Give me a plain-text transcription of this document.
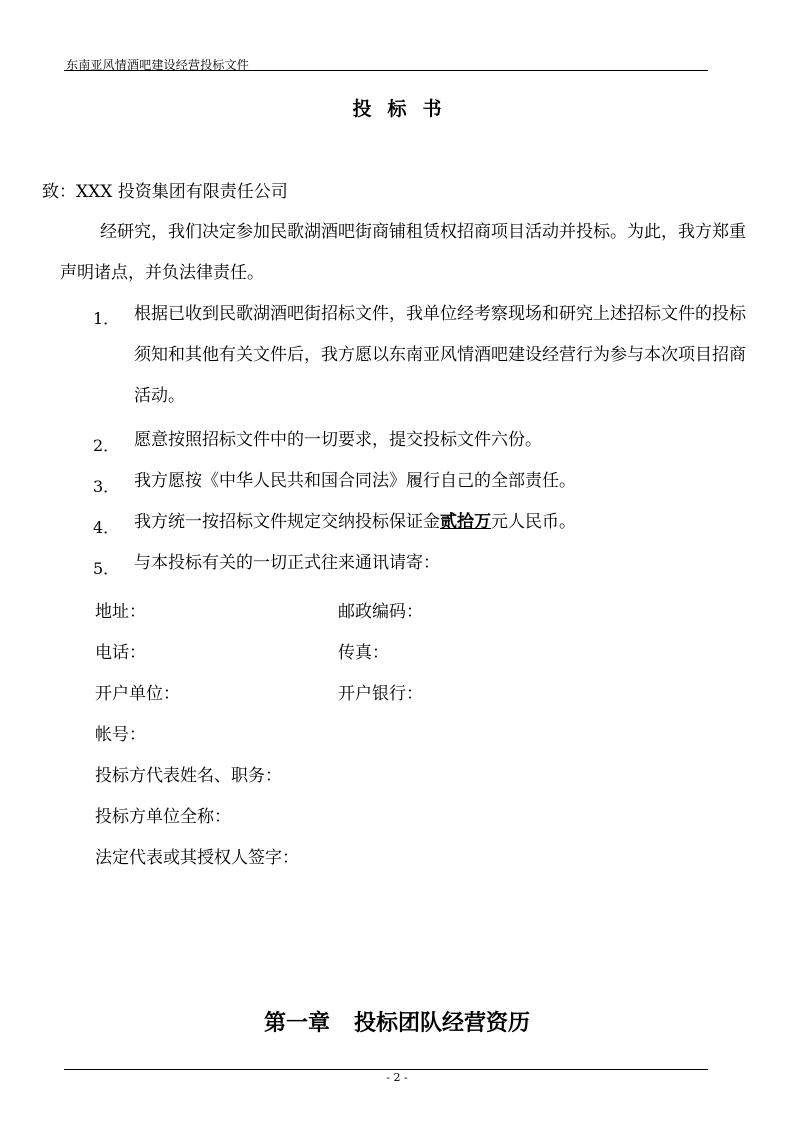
东南亚风情酒吧建设经营投标文件
投标书
致：XXX 投资集团有限责任公司
经研究，我们决定参加民歌湖酒吧街商铺租赁权招商项目活动并投标。为此，我方郑重声明诸点，并负法律责任。
1． 根据已收到民歌湖酒吧街招标文件，我单位经考察现场和研究上述招标文件的投标须知和其他有关文件后，我方愿以东南亚风情酒吧建设经营行为参与本次项目招商活动。
2． 愿意按照招标文件中的一切要求，提交投标文件六份。
3． 我方愿按《中华人民共和国合同法》履行自己的全部责任。
4． 我方统一按招标文件规定交纳投标保证金贰拾万元人民币。
5． 与本投标有关的一切正式往来通讯请寄：
地址：	邮政编码：
电话：	传真：
开户单位：	开户银行：
帐号：
投标方代表姓名、职务：
投标方单位全称：
法定代表或其授权人签字：
第一章 投标团队经营资历
- 2 -
